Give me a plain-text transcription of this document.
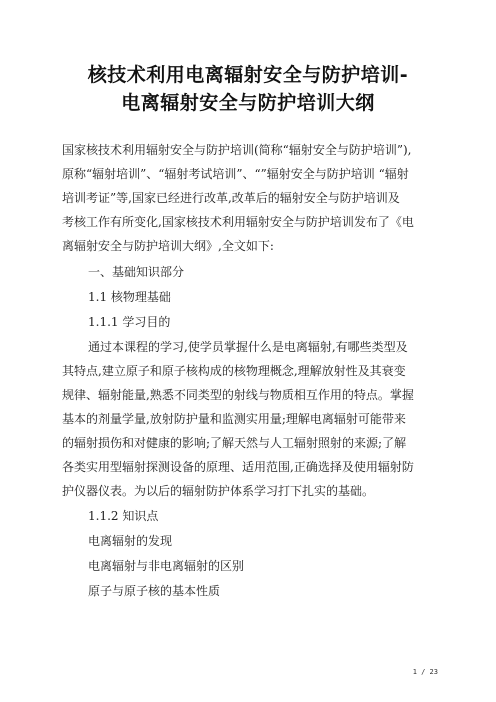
核技术利用电离辐射安全与防护培训-
电离辐射安全与防护培训大纲
国家核技术利用辐射安全与防护培训(简称“辐射安全与防护培训”),
原称“辐射培训”、“辐射考试培训”、“”辐射安全与防护培训 “辐射
培训考证”等,国家已经进行改革,改革后的辐射安全与防护培训及
考核工作有所变化,国家核技术利用辐射安全与防护培训发布了《电
离辐射安全与防护培训大纲》,全文如下:
一、基础知识部分
1.1 核物理基础
1.1.1 学习目的
通过本课程的学习,使学员掌握什么是电离辐射,有哪些类型及
其特点,建立原子和原子核构成的核物理概念,理解放射性及其衰变
规律、辐射能量,熟悉不同类型的射线与物质相互作用的特点。掌握
基本的剂量学量,放射防护量和监测实用量;理解电离辐射可能带来
的辐射损伤和对健康的影响;了解天然与人工辐射照射的来源;了解
各类实用型辐射探测设备的原理、适用范围,正确选择及使用辐射防
护仪器仪表。为以后的辐射防护体系学习打下扎实的基础。
1.1.2 知识点
电离辐射的发现
电离辐射与非电离辐射的区别
原子与原子核的基本性质
1 / 23
